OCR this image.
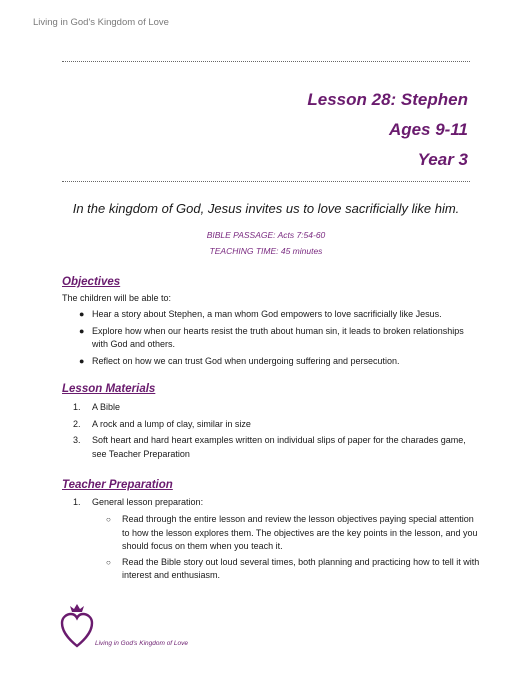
Living in God's Kingdom of Love
Lesson 28: Stephen
Ages 9-11
Year 3
In the kingdom of God, Jesus invites us to love sacrificially like him.
BIBLE PASSAGE: Acts 7:54-60
TEACHING TIME: 45 minutes
Objectives
The children will be able to:
● Hear a story about Stephen, a man whom God empowers to love sacrificially like Jesus.
● Explore how when our hearts resist the truth about human sin, it leads to broken relationships with God and others.
● Reflect on how we can trust God when undergoing suffering and persecution.
Lesson Materials
1. A Bible
2. A rock and a lump of clay, similar in size
3. Soft heart and hard heart examples written on individual slips of paper for the charades game, see Teacher Preparation
Teacher Preparation
1. General lesson preparation:
○ Read through the entire lesson and review the lesson objectives paying special attention to how the lesson explores them. The objectives are the key points in the lesson, and you should focus on them when you teach it.
○ Read the Bible story out loud several times, both planning and practicing how to tell it with interest and enthusiasm.
Living in God's Kingdom of Love
